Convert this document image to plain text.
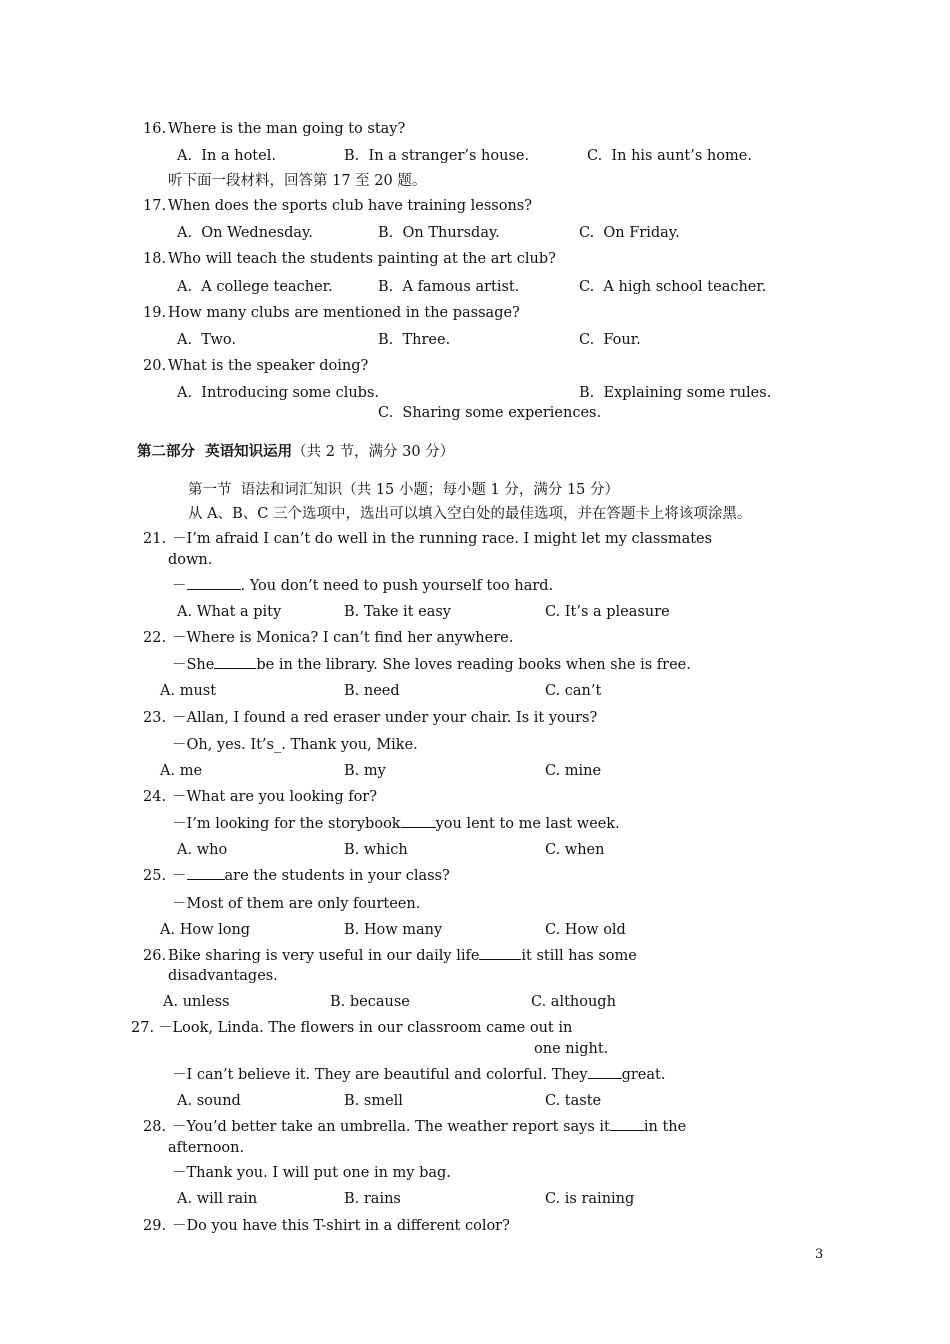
16. Where is the man going to stay?
A.  In a hotel.	B.  In a stranger’s house.	C.  In his aunt’s home.
听下面一段材料，回答第 17 至 20 题。
17. When does the sports club have training lessons?
A.  On Wednesday.	B.  On Thursday.	C.  On Friday.
18. Who will teach the students painting at the art club?
A.  A college teacher.	B.  A famous artist.	C.  A high school teacher.
19. How many clubs are mentioned in the passage?
A.  Two.	B.  Three.	C.  Four.
20. What is the speaker doing?
A.  Introducing some clubs.	B.  Explaining some rules.
C.  Sharing some experiences.
第二部分  英语知识运用（共 2 节，满分 30 分）
第一节  语法和词汇知识（共 15 小题；每小题 1 分，满分 15 分）
从 A、B、C 三个选项中，选出可以填入空白处的最佳选项，并在答题卡上将该项涂黑。
21. －I’m afraid I can’t do well in the running race. I might let my classmates
down.
－	. You don’t need to push yourself too hard.
A. What a pity	B. Take it easy	C. It’s a pleasure
22. －Where is Monica? I can’t find her anywhere.
－She	be in the library. She loves reading books when she is free.
A. must	B. need	C. can’t
23. －Allan, I found a red eraser under your chair. Is it yours?
－Oh, yes. It’s_. Thank you, Mike.
A. me	B. my	C. mine
24. －What are you looking for?
－I’m looking for the storybook you lent to me last week.
A. who	B. which	C. when
25. －	are the students in your class?
－Most of them are only fourteen.
A. How long	B. How many	C. How old
26. Bike sharing is very useful in our daily life	it still has some
disadvantages.
A. unless	B. because	C. although
27. －Look, Linda. The flowers in our classroom came out in
one night.
－I can’t believe it. They are beautiful and colorful. They great.
A. sound	B. smell	C. taste
28. －You’d better take an umbrella. The weather report says it in the
afternoon.
－Thank you. I will put one in my bag.
A. will rain	B. rains	C. is raining
29. －Do you have this T-shirt in a different color?
3
